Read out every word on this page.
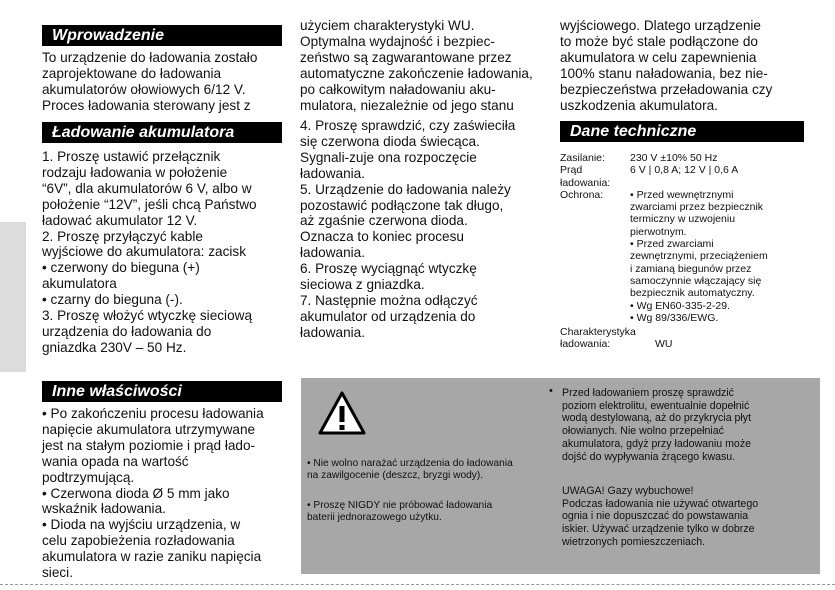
Wprowadzenie

To urządzenie do ładowania zostało
zaprojektowane do ładowania
akumulatorów ołowiowych 6/12 V.
Proces ładowania sterowany jest z

użyciem charakterystyki WU.
Optymalna wydajność i bezpiec-
zeństwo są zagwarantowane przez
automatyczne zakończenie ładowania,
po całkowitym naładowaniu aku-
mulatora, niezależnie od jego stanu

wyjściowego. Dlatego urządzenie
to może być stale podłączone do
akumulatora w celu zapewnienia
100% stanu naładowania, bez nie-
bezpieczeństwa przeładowania czy
uszkodzenia akumulatora.

Ładowanie akumulatora

1. Proszę ustawić przełącznik
rodzaju ładowania w położenie
“6V”, dla akumulatorów 6 V, albo w
położenie “12V”, jeśli chcą Państwo
ładować akumulator 12 V.
2. Proszę przyłączyć kable
wyjściowe do akumulatora: zacisk
• czerwony do bieguna (+)
akumulatora
• czarny do bieguna (-).
3. Proszę włożyć wtyczkę sieciową
urządzenia do ładowania do
gniazdka 230V – 50 Hz.

4. Proszę sprawdzić, czy zaświeciła
się czerwona dioda świecąca.
Sygnali-zuje ona rozpoczęcie
ładowania.
5. Urządzenie do ładowania należy
pozostawić podłączone tak długo,
aż zgaśnie czerwona dioda.
Oznacza to koniec procesu
ładowania.
6. Proszę wyciągnąć wtyczkę
sieciowa z gniazdka.
7. Następnie można odłączyć
akumulator od urządzenia do
ładowania.

Dane techniczne
Zasilanie:	230 V ±10% 50 Hz
Prąd ładowania:
6 V | 0,8 A; 12 V | 0,6 A
Ochrona:	• Przed wewnętrznymi
zwarciami przez bezpiecznik
termiczny w uzwojeniu
pierwotnym.
• Przed zwarciami
zewnętrznymi, przeciążeniem
i zamianą biegunów przez
samoczynnie włączający się
bezpiecznik automatyczny.
• Wg EN60-335-2-29.
• Wg 89/336/EWG.
Charakterystyka
ładowania:	WU
Inne właściwości

• Po zakończeniu procesu ładowania
napięcie akumulatora utrzymywane
jest na stałym poziomie i prąd łado-
wania opada na wartość
podtrzymującą.
• Czerwona dioda Ø 5 mm jako
wskaźnik ładowania.
• Dioda na wyjściu urządzenia, w
celu zapobieżenia rozładowania
akumulatora w razie zaniku napięcia
sieci.

• Nie wolno narażać urządzenia do ładowania
na zawilgocenie (deszcz, bryzgi wody).

• Proszę NIGDY nie próbować ładowania
baterii jednorazowego użytku.

• Przed ładowaniem proszę sprawdzić
poziom elektrolitu, ewentualnie dopełnić
wodą destylowaną, aż do przykrycia płyt
ołowianych. Nie wolno przepełniać
akumulatora, gdyż przy ładowaniu może
dojść do wypływania żrącego kwasu.

UWAGA! Gazy wybuchowe!
Podczas ładowania nie używać otwartego
ognia i nie dopuszczać do powstawania
iskier. Używać urządzenie tylko w dobrze
wietrzonych pomieszczeniach.
